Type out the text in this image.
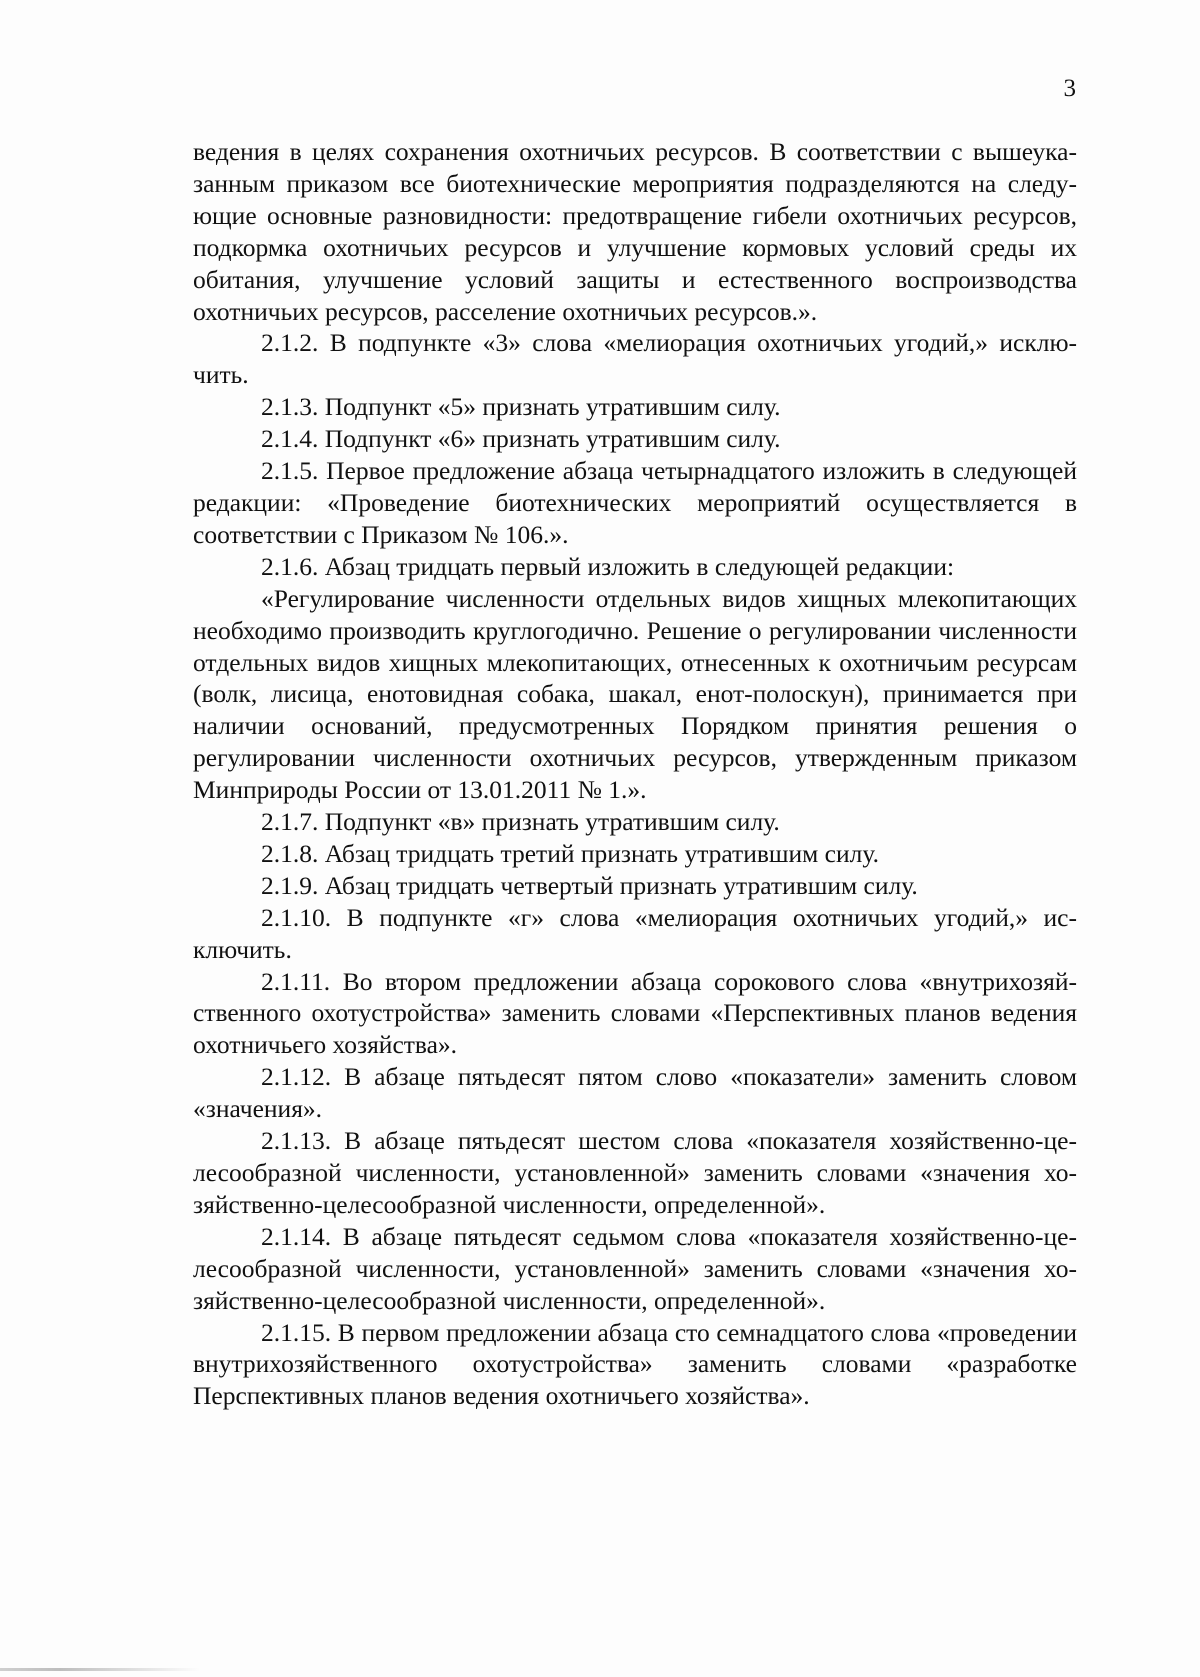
3

ведения в целях сохранения охотничьих ресурсов. В соответствии с вышеуказанным приказом все биотехнические мероприятия подразделяются на следующие основные разновидности: предотвращение гибели охотничьих ресурсов, подкормка охотничьих ресурсов и улучшение кормовых условий среды их обитания, улучшение условий защиты и естественного воспроизводства охотничьих ресурсов, расселение охотничьих ресурсов.».

2.1.2. В подпункте «3» слова «мелиорация охотничьих угодий,» исключить.

2.1.3. Подпункт «5» признать утратившим силу.

2.1.4. Подпункт «6» признать утратившим силу.

2.1.5. Первое предложение абзаца четырнадцатого изложить в следующей редакции: «Проведение биотехнических мероприятий осуществляется в соответствии с Приказом № 106.».

2.1.6. Абзац тридцать первый изложить в следующей редакции:

«Регулирование численности отдельных видов хищных млекопитающих необходимо производить круглогодично. Решение о регулировании численности отдельных видов хищных млекопитающих, отнесенных к охотничьим ресурсам (волк, лисица, енотовидная собака, шакал, енот-полоскун), принимается при наличии оснований, предусмотренных Порядком принятия решения о регулировании численности охотничьих ресурсов, утвержденным приказом Минприроды России от 13.01.2011 № 1.».

2.1.7. Подпункт «в» признать утратившим силу.

2.1.8. Абзац тридцать третий признать утратившим силу.

2.1.9. Абзац тридцать четвертый признать утратившим силу.

2.1.10. В подпункте «г» слова «мелиорация охотничьих угодий,» исключить.

2.1.11. Во втором предложении абзаца сорокового слова «внутрихозяйственного охотустройства» заменить словами «Перспективных планов ведения охотничьего хозяйства».

2.1.12. В абзаце пятьдесят пятом слово «показатели» заменить словом «значения».

2.1.13. В абзаце пятьдесят шестом слова «показателя хозяйственно-целесообразной численности, установленной» заменить словами «значения хозяйственно-целесообразной численности, определенной».

2.1.14. В абзаце пятьдесят седьмом слова «показателя хозяйственно-целесообразной численности, установленной» заменить словами «значения хозяйственно-целесообразной численности, определенной».

2.1.15. В первом предложении абзаца сто семнадцатого слова «проведении внутрихозяйственного охотустройства» заменить словами «разработке Перспективных планов ведения охотничьего хозяйства».
